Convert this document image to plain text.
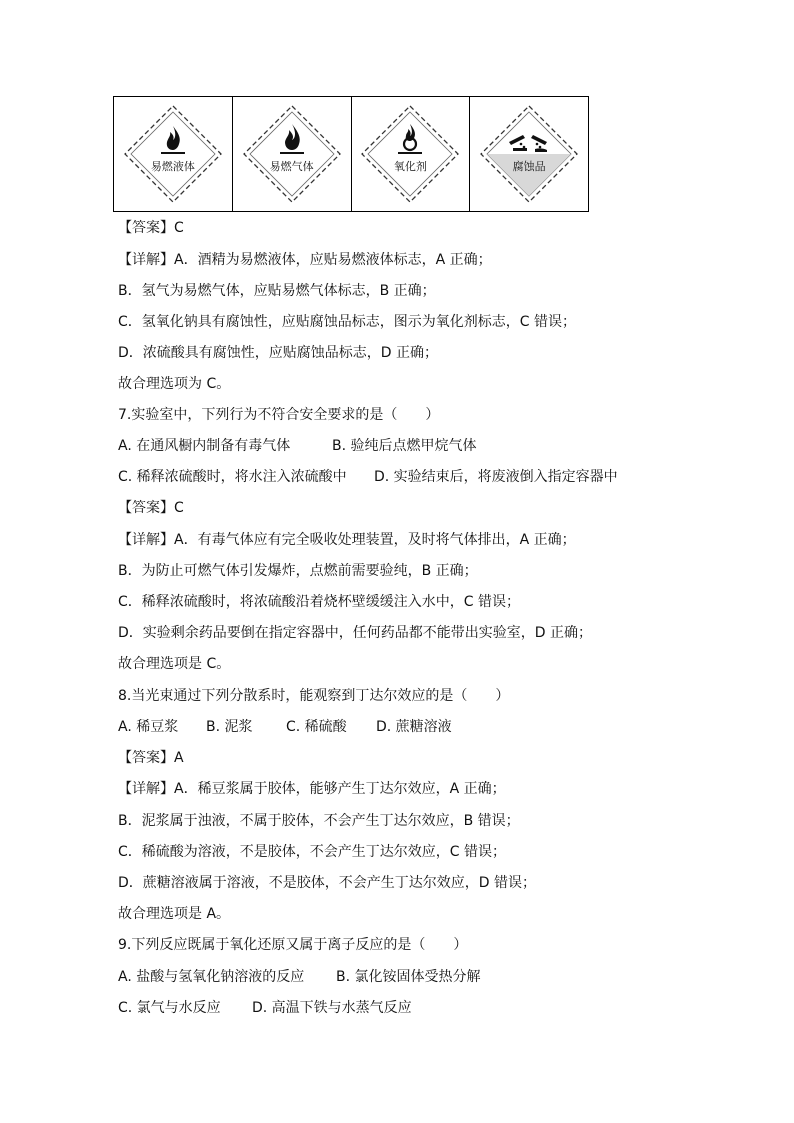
易燃液体	易燃气体	氧化剂	腐蚀品
【答案】C
【详解】A．酒精为易燃液体，应贴易燃液体标志，A 正确；
B．氢气为易燃气体，应贴易燃气体标志，B 正确；
C．氢氧化钠具有腐蚀性，应贴腐蚀品标志，图示为氧化剂标志，C 错误；
D．浓硫酸具有腐蚀性，应贴腐蚀品标志，D 正确；
故合理选项为 C。
7.实验室中，下列行为不符合安全要求的是（　　）
A. 在通风橱内制备有毒气体	B. 验纯后点燃甲烷气体
C. 稀释浓硫酸时，将水注入浓硫酸中 D. 实验结束后，将废液倒入指定容器中
【答案】C
【详解】A．有毒气体应有完全吸收处理装置，及时将气体排出，A 正确；
B．为防止可燃气体引发爆炸，点燃前需要验纯，B 正确；
C．稀释浓硫酸时，将浓硫酸沿着烧杯壁缓缓注入水中，C 错误；
D．实验剩余药品要倒在指定容器中，任何药品都不能带出实验室，D 正确；
故合理选项是 C。
8.当光束通过下列分散系时，能观察到丁达尔效应的是（　　）
A. 稀豆浆 B. 泥浆 C. 稀硫酸 D. 蔗糖溶液
【答案】A
【详解】A．稀豆浆属于胶体，能够产生丁达尔效应，A 正确；
B．泥浆属于浊液，不属于胶体，不会产生丁达尔效应，B 错误；
C．稀硫酸为溶液，不是胶体，不会产生丁达尔效应，C 错误；
D．蔗糖溶液属于溶液，不是胶体，不会产生丁达尔效应，D 错误；
故合理选项是 A。
9.下列反应既属于氧化还原又属于离子反应的是（　　）
A. 盐酸与氢氧化钠溶液的反应 B. 氯化铵固体受热分解
C. 氯气与水反应 D. 高温下铁与水蒸气反应
